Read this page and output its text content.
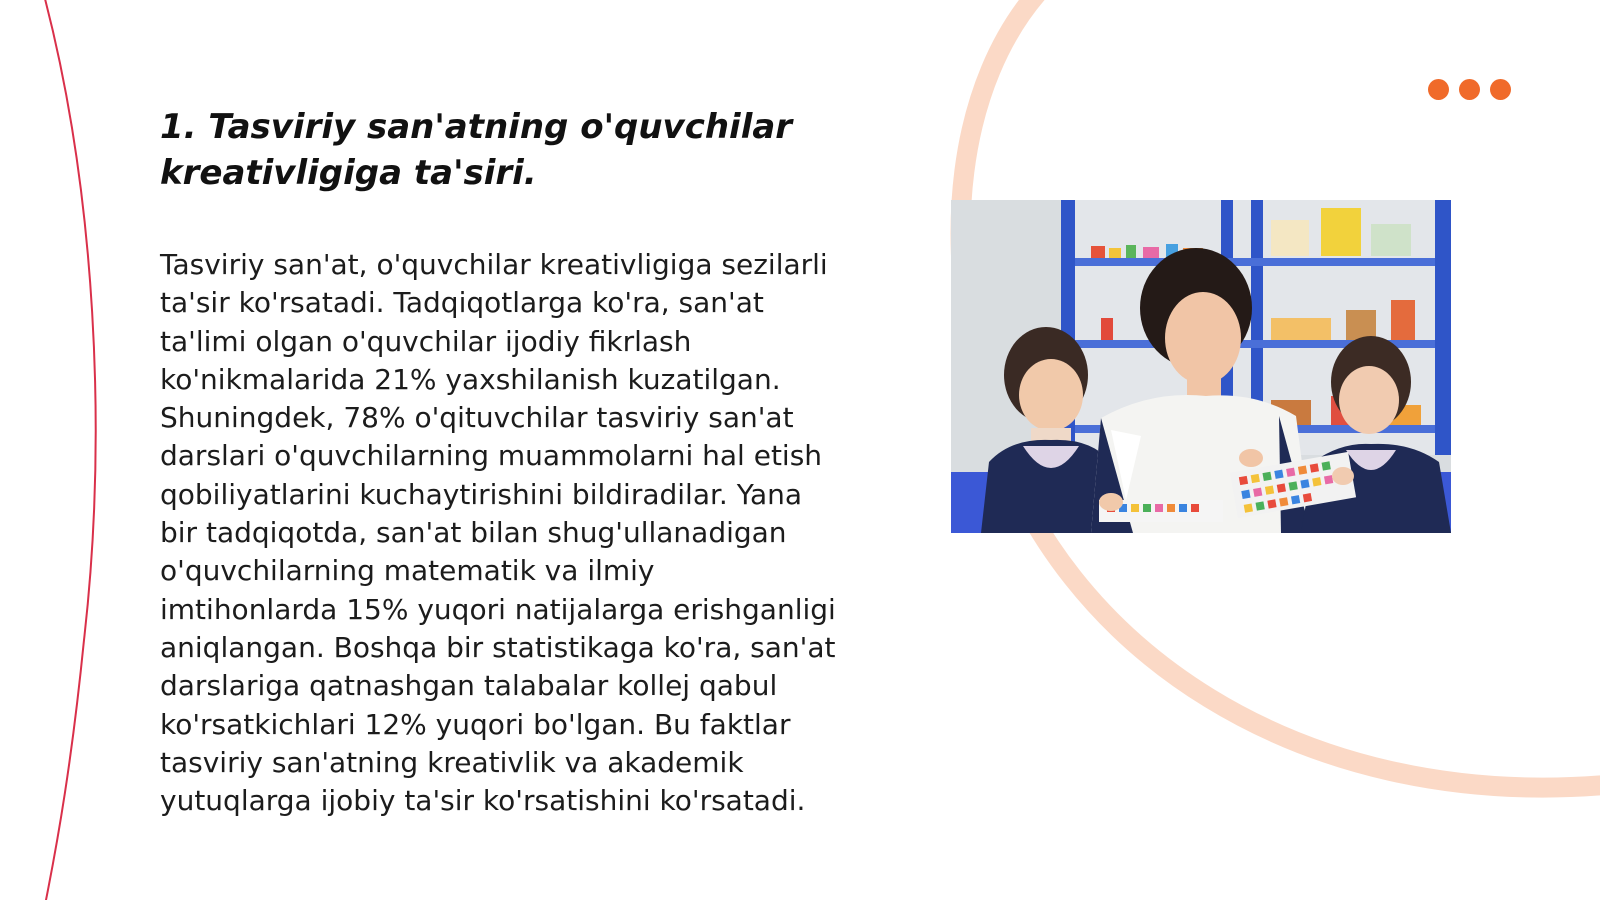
1. Tasviriy san'atning o'quvchilar kreativligiga ta'siri.

Tasviriy san'at, o'quvchilar kreativligiga sezilarli ta'sir ko'rsatadi. Tadqiqotlarga ko'ra, san'at ta'limi olgan o'quvchilar ijodiy fikrlash ko'nikmalarida 21% yaxshilanish kuzatilgan. Shuningdek, 78% o'qituvchilar tasviriy san'at darslari o'quvchilarning muammolarni hal etish qobiliyatlarini kuchaytirishini bildiradilar. Yana bir tadqiqotda, san'at bilan shug'ullanadigan o'quvchilarning matematik va ilmiy imtihonlarda 15% yuqori natijalarga erishganligi aniqlangan. Boshqa bir statistikaga ko'ra, san'at darslariga qatnashgan talabalar kollej qabul ko'rsatkichlari 12% yuqori bo'lgan. Bu faktlar tasviriy san'atning kreativlik va akademik yutuqlarga ijobiy ta'sir ko'rsatishini ko'rsatadi.
